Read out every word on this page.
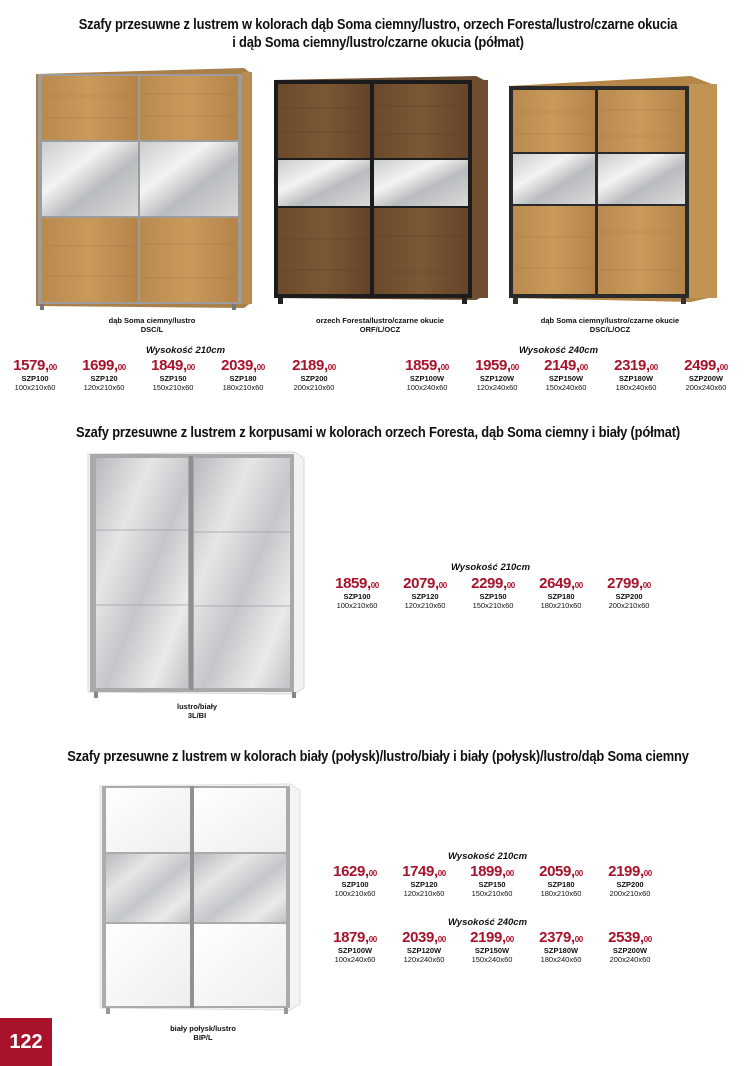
Szafy przesuwne z lustrem w kolorach dąb Soma ciemny/lustro, orzech Foresta/lustro/czarne okucia
i dąb Soma ciemny/lustro/czarne okucia (półmat)
dąb Soma ciemny/lustro
DSC/L
orzech Foresta/lustro/czarne okucie
ORF/L/OCZ
dąb Soma ciemny/lustro/czarne okucie
DSC/L/OCZ
Wysokość 210cm
1579,00
SZP100
100x210x60
1699,00
SZP120
120x210x60
1849,00
SZP150
150x210x60
2039,00
SZP180
180x210x60
2189,00
SZP200
200x210x60
Wysokość 240cm
1859,00
SZP100W
100x240x60
1959,00
SZP120W
120x240x60
2149,00
SZP150W
150x240x60
2319,00
SZP180W
180x240x60
2499,00
SZP200W
200x240x60
Szafy przesuwne z lustrem z korpusami w kolorach orzech Foresta, dąb Soma ciemny i biały (półmat)
lustro/biały
3L/BI
Wysokość 210cm
1859,00
SZP100
100x210x60
2079,00
SZP120
120x210x60
2299,00
SZP150
150x210x60
2649,00
SZP180
180x210x60
2799,00
SZP200
200x210x60
Szafy przesuwne z lustrem w kolorach biały (połysk)/lustro/biały i biały (połysk)/lustro/dąb Soma ciemny
biały połysk/lustro
BIP/L
Wysokość 210cm
1629,00
SZP100
100x210x60
1749,00
SZP120
120x210x60
1899,00
SZP150
150x210x60
2059,00
SZP180
180x210x60
2199,00
SZP200
200x210x60
Wysokość 240cm
1879,00
SZP100W
100x240x60
2039,00
SZP120W
120x240x60
2199,00
SZP150W
150x240x60
2379,00
SZP180W
180x240x60
2539,00
SZP200W
200x240x60
122
